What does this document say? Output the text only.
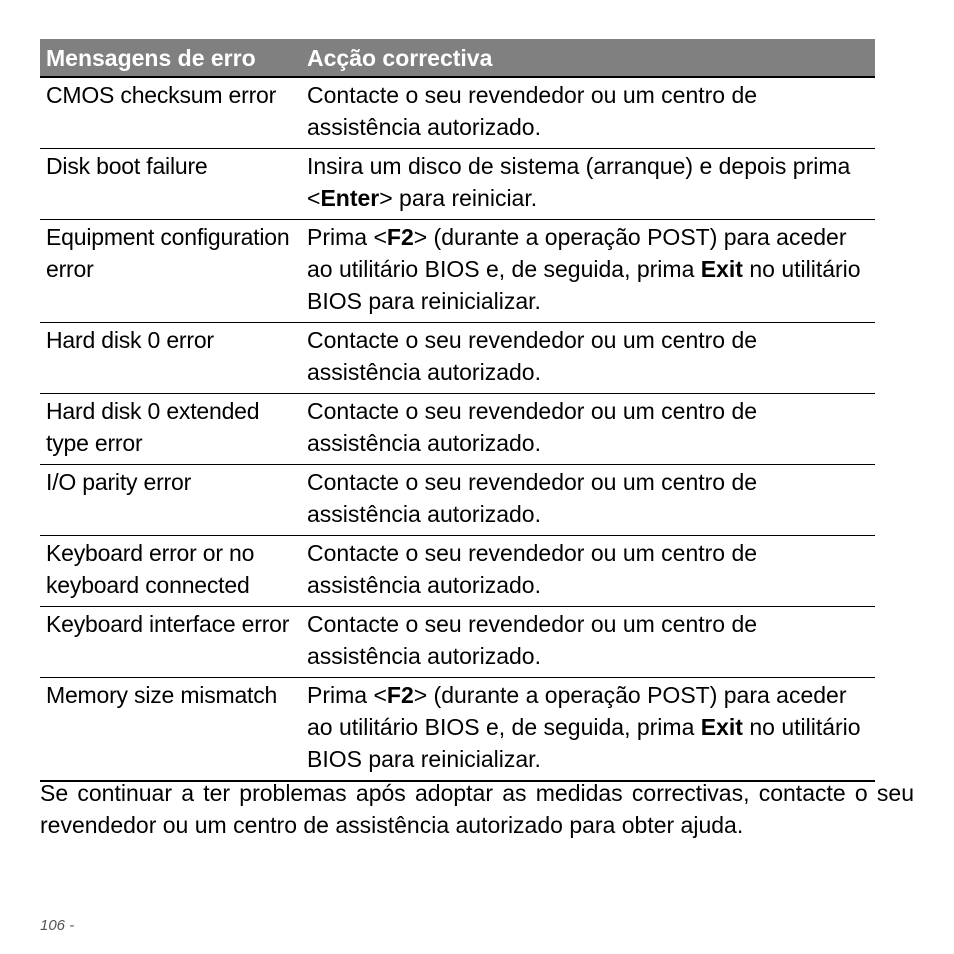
Mensagens de erro	Acção correctiva
CMOS checksum error	Contacte o seu revendedor ou um centro de assistência autorizado.
Disk boot failure	Insira um disco de sistema (arranque) e depois prima <Enter> para reiniciar.
Equipment configuration error	Prima <F2> (durante a operação POST) para aceder ao utilitário BIOS e, de seguida, prima Exit no utilitário BIOS para reinicializar.
Hard disk 0 error	Contacte o seu revendedor ou um centro de assistência autorizado.
Hard disk 0 extended type error	Contacte o seu revendedor ou um centro de assistência autorizado.
I/O parity error	Contacte o seu revendedor ou um centro de assistência autorizado.
Keyboard error or no keyboard connected	Contacte o seu revendedor ou um centro de assistência autorizado.
Keyboard interface error	Contacte o seu revendedor ou um centro de assistência autorizado.
Memory size mismatch	Prima <F2> (durante a operação POST) para aceder ao utilitário BIOS e, de seguida, prima Exit no utilitário BIOS para reinicializar.

Se continuar a ter problemas após adoptar as medidas correctivas, contacte o seu revendedor ou um centro de assistência autorizado para obter ajuda.

106 -
